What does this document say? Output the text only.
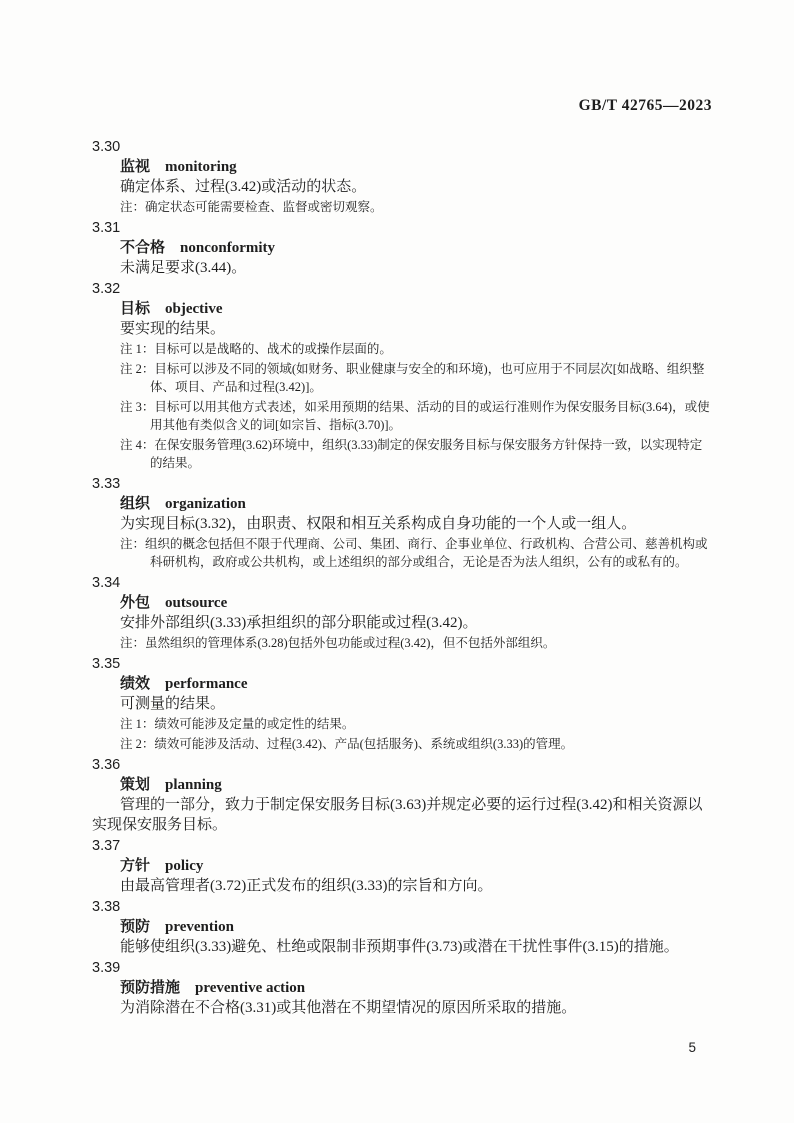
GB/T 42765—2023

3.30

监视 monitoring

确定体系、过程(3.42)或活动的状态。

注：确定状态可能需要检查、监督或密切观察。

3.31

不合格 nonconformity

未满足要求(3.44)。

3.32

目标 objective

要实现的结果。

注 1：目标可以是战略的、战术的或操作层面的。

注 2：目标可以涉及不同的领域(如财务、职业健康与安全的和环境)，也可应用于不同层次[如战略、组织整体、项目、产品和过程(3.42)]。

注 3：目标可以用其他方式表述，如采用预期的结果、活动的目的或运行准则作为保安服务目标(3.64)，或使用其他有类似含义的词[如宗旨、指标(3.70)]。

注 4：在保安服务管理(3.62)环境中，组织(3.33)制定的保安服务目标与保安服务方针保持一致，以实现特定的结果。

3.33

组织 organization

为实现目标(3.32)，由职责、权限和相互关系构成自身功能的一个人或一组人。

注：组织的概念包括但不限于代理商、公司、集团、商行、企事业单位、行政机构、合营公司、慈善机构或科研机构，政府或公共机构，或上述组织的部分或组合，无论是否为法人组织，公有的或私有的。

3.34

外包 outsource

安排外部组织(3.33)承担组织的部分职能或过程(3.42)。

注：虽然组织的管理体系(3.28)包括外包功能或过程(3.42)，但不包括外部组织。

3.35

绩效 performance

可测量的结果。

注 1：绩效可能涉及定量的或定性的结果。

注 2：绩效可能涉及活动、过程(3.42)、产品(包括服务)、系统或组织(3.33)的管理。

3.36

策划 planning

管理的一部分，致力于制定保安服务目标(3.63)并规定必要的运行过程(3.42)和相关资源以实现保安服务目标。

3.37

方针 policy

由最高管理者(3.72)正式发布的组织(3.33)的宗旨和方向。

3.38

预防 prevention

能够使组织(3.33)避免、杜绝或限制非预期事件(3.73)或潜在干扰性事件(3.15)的措施。

3.39

预防措施 preventive action

为消除潜在不合格(3.31)或其他潜在不期望情况的原因所采取的措施。

5
